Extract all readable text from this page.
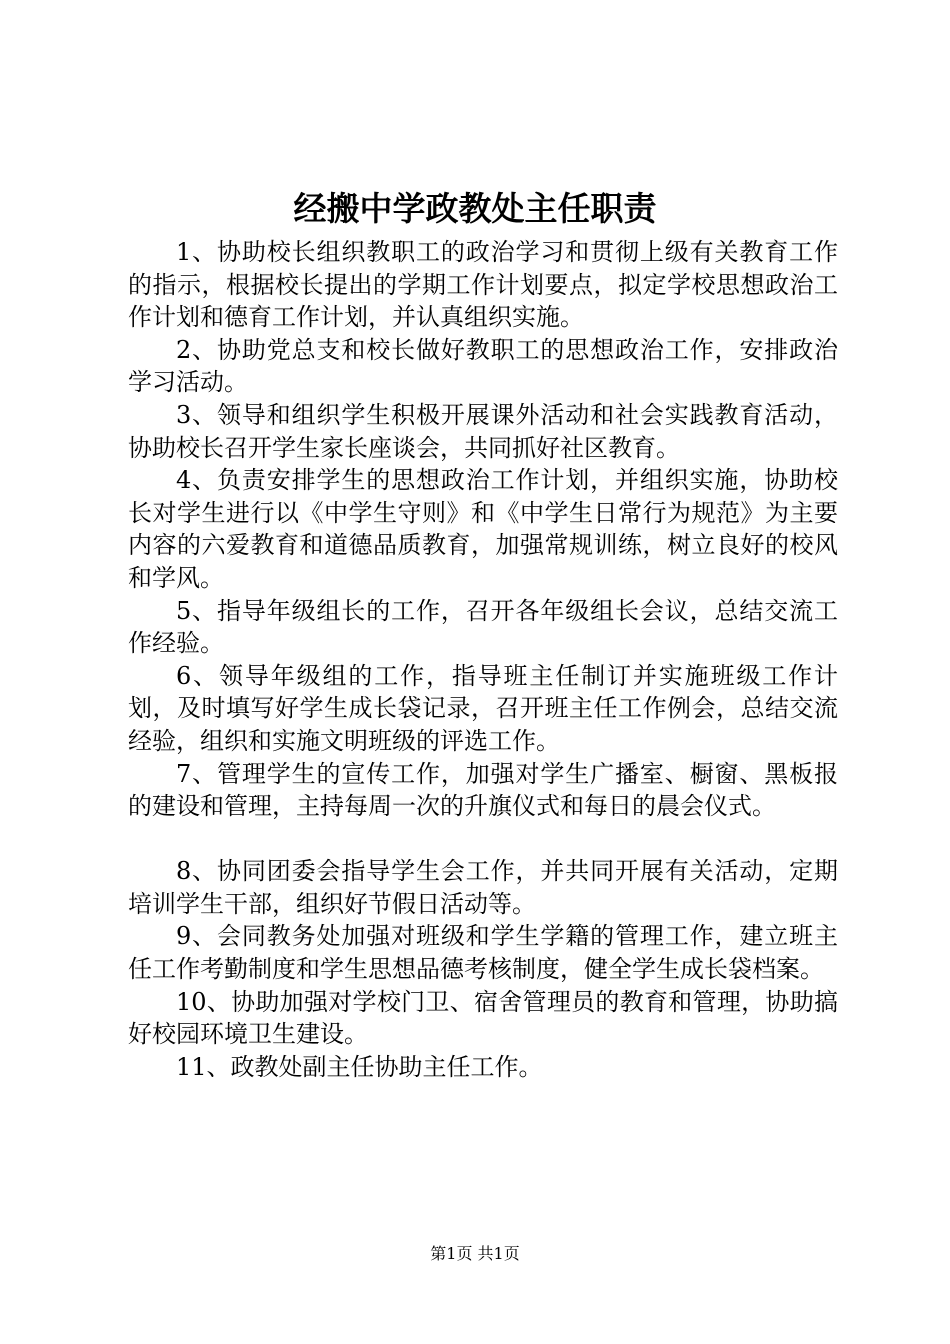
经搬中学政教处主任职责

1、协助校长组织教职工的政治学习和贯彻上级有关教育工作的指示，根据校长提出的学期工作计划要点，拟定学校思想政治工作计划和德育工作计划，并认真组织实施。

2、协助党总支和校长做好教职工的思想政治工作，安排政治学习活动。

3、领导和组织学生积极开展课外活动和社会实践教育活动，协助校长召开学生家长座谈会，共同抓好社区教育。

4、负责安排学生的思想政治工作计划，并组织实施，协助校长对学生进行以《中学生守则》和《中学生日常行为规范》为主要内容的六爱教育和道德品质教育，加强常规训练，树立良好的校风和学风。

5、指导年级组长的工作，召开各年级组长会议，总结交流工作经验。

6、领导年级组的工作，指导班主任制订并实施班级工作计划，及时填写好学生成长袋记录，召开班主任工作例会，总结交流经验，组织和实施文明班级的评选工作。

7、管理学生的宣传工作，加强对学生广播室、橱窗、黑板报的建设和管理，主持每周一次的升旗仪式和每日的晨会仪式。

8、协同团委会指导学生会工作，并共同开展有关活动，定期培训学生干部，组织好节假日活动等。

9、会同教务处加强对班级和学生学籍的管理工作，建立班主任工作考勤制度和学生思想品德考核制度，健全学生成长袋档案。

10、协助加强对学校门卫、宿舍管理员的教育和管理，协助搞好校园环境卫生建设。

11、政教处副主任协助主任工作。

第1页 共1页
